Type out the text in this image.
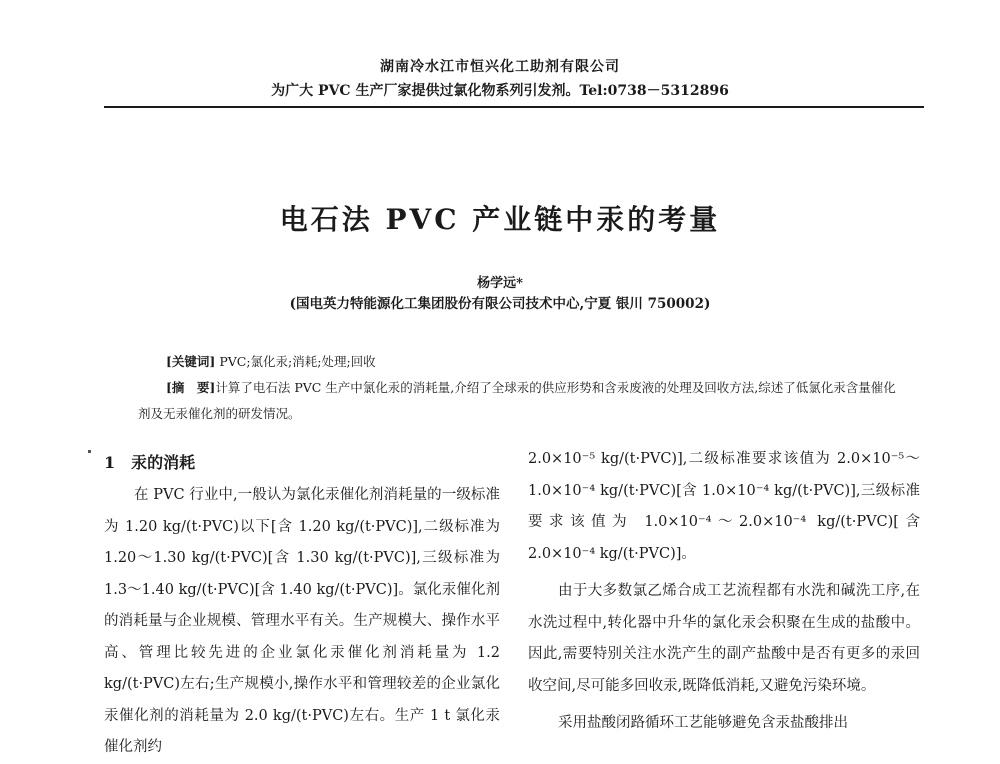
湖南冷水江市恒兴化工助剂有限公司
为广大 PVC 生产厂家提供过氯化物系列引发剂。Tel:0738－5312896
电石法 PVC 产业链中汞的考量
杨学远*
(国电英力特能源化工集团股份有限公司技术中心,宁夏 银川 750002)
[关键词] PVC;氯化汞;消耗;处理;回收
[摘　要]计算了电石法 PVC 生产中氯化汞的消耗量,介绍了全球汞的供应形势和含汞废液的处理及回收方法,综述了低氯化汞含量催化剂及无汞催化剂的研发情况。
1　汞的消耗

在 PVC 行业中,一般认为氯化汞催化剂消耗量的一级标准为 1.20 kg/(t·PVC)以下[含 1.20 kg/(t·PVC)],二级标准为 1.20～1.30 kg/(t·PVC)[含 1.30 kg/(t·PVC)],三级标准为 1.3～1.40 kg/(t·PVC)[含 1.40 kg/(t·PVC)]。氯化汞催化剂的消耗量与企业规模、管理水平有关。生产规模大、操作水平高、管理比较先进的企业氯化汞催化剂消耗量为 1.2 kg/(t·PVC)左右;生产规模小,操作水平和管理较差的企业氯化汞催化剂的消耗量为 2.0 kg/(t·PVC)左右。生产 1 t 氯化汞催化剂约

2.0×10⁻⁵ kg/(t·PVC)],二级标准要求该值为 2.0×10⁻⁵～1.0×10⁻⁴ kg/(t·PVC)[含 1.0×10⁻⁴ kg/(t·PVC)],三级标准要求该值为 1.0×10⁻⁴～2.0×10⁻⁴ kg/(t·PVC)[含 2.0×10⁻⁴ kg/(t·PVC)]。

由于大多数氯乙烯合成工艺流程都有水洗和碱洗工序,在水洗过程中,转化器中升华的氯化汞会积聚在生成的盐酸中。因此,需要特别关注水洗产生的副产盐酸中是否有更多的汞回收空间,尽可能多回收汞,既降低消耗,又避免污染环境。

采用盐酸闭路循环工艺能够避免含汞盐酸排出
